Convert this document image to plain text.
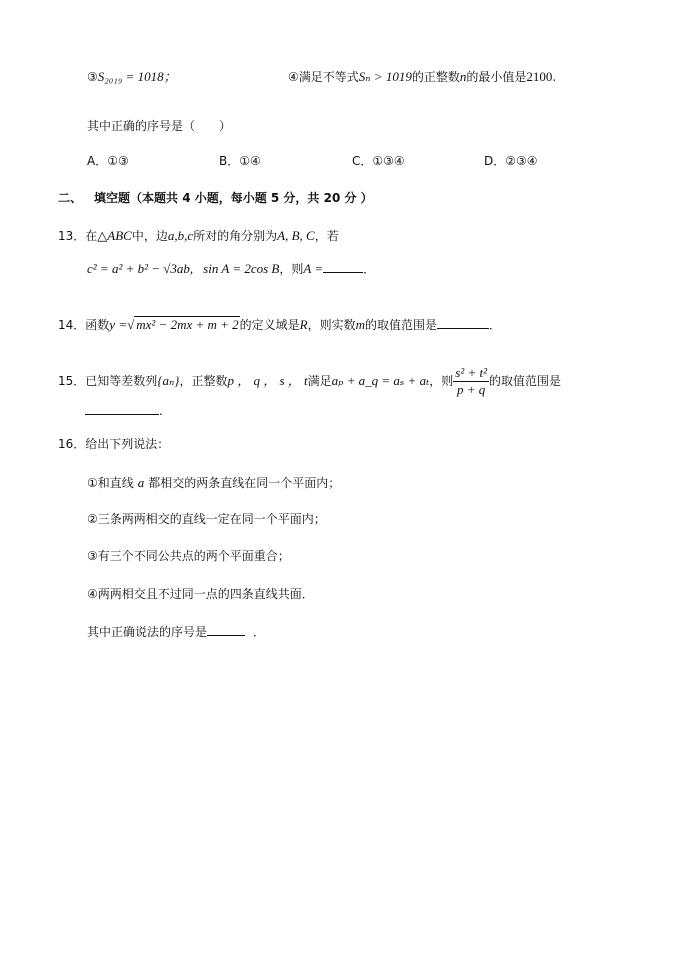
③S₂₀₁₉ = 1018；	④满足不等式Sₙ > 1019的正整数n的最小值是2100.
其中正确的序号是（　　）
A．①③	B．①④	C．①③④	D．②③④
二、 填空题（本题共 4 小题，每小题 5 分，共 20 分 ）
13．在△ABC中，边a,b,c所对的角分别为A, B, C，若
c² = a² + b² − √3ab, sin A = 2cos B，则A =	．
14．函数y =√ mx² − 2mx + m + 2的定义域是R，则实数m的取值范围是	．
15．已知等差数列{aₙ}，正整数p ， q ， s ， t满足aₚ + a_q = aₛ + aₜ，则 $\frac{\text{s² + t²}}{p + q}$ 的取值范围是
.
16．给出下列说法：
①和直线 a 都相交的两条直线在同一个平面内；
②三条两两相交的直线一定在同一个平面内；
③有三个不同公共点的两个平面重合；
④两两相交且不过同一点的四条直线共面．
其中正确说法的序号是	．
